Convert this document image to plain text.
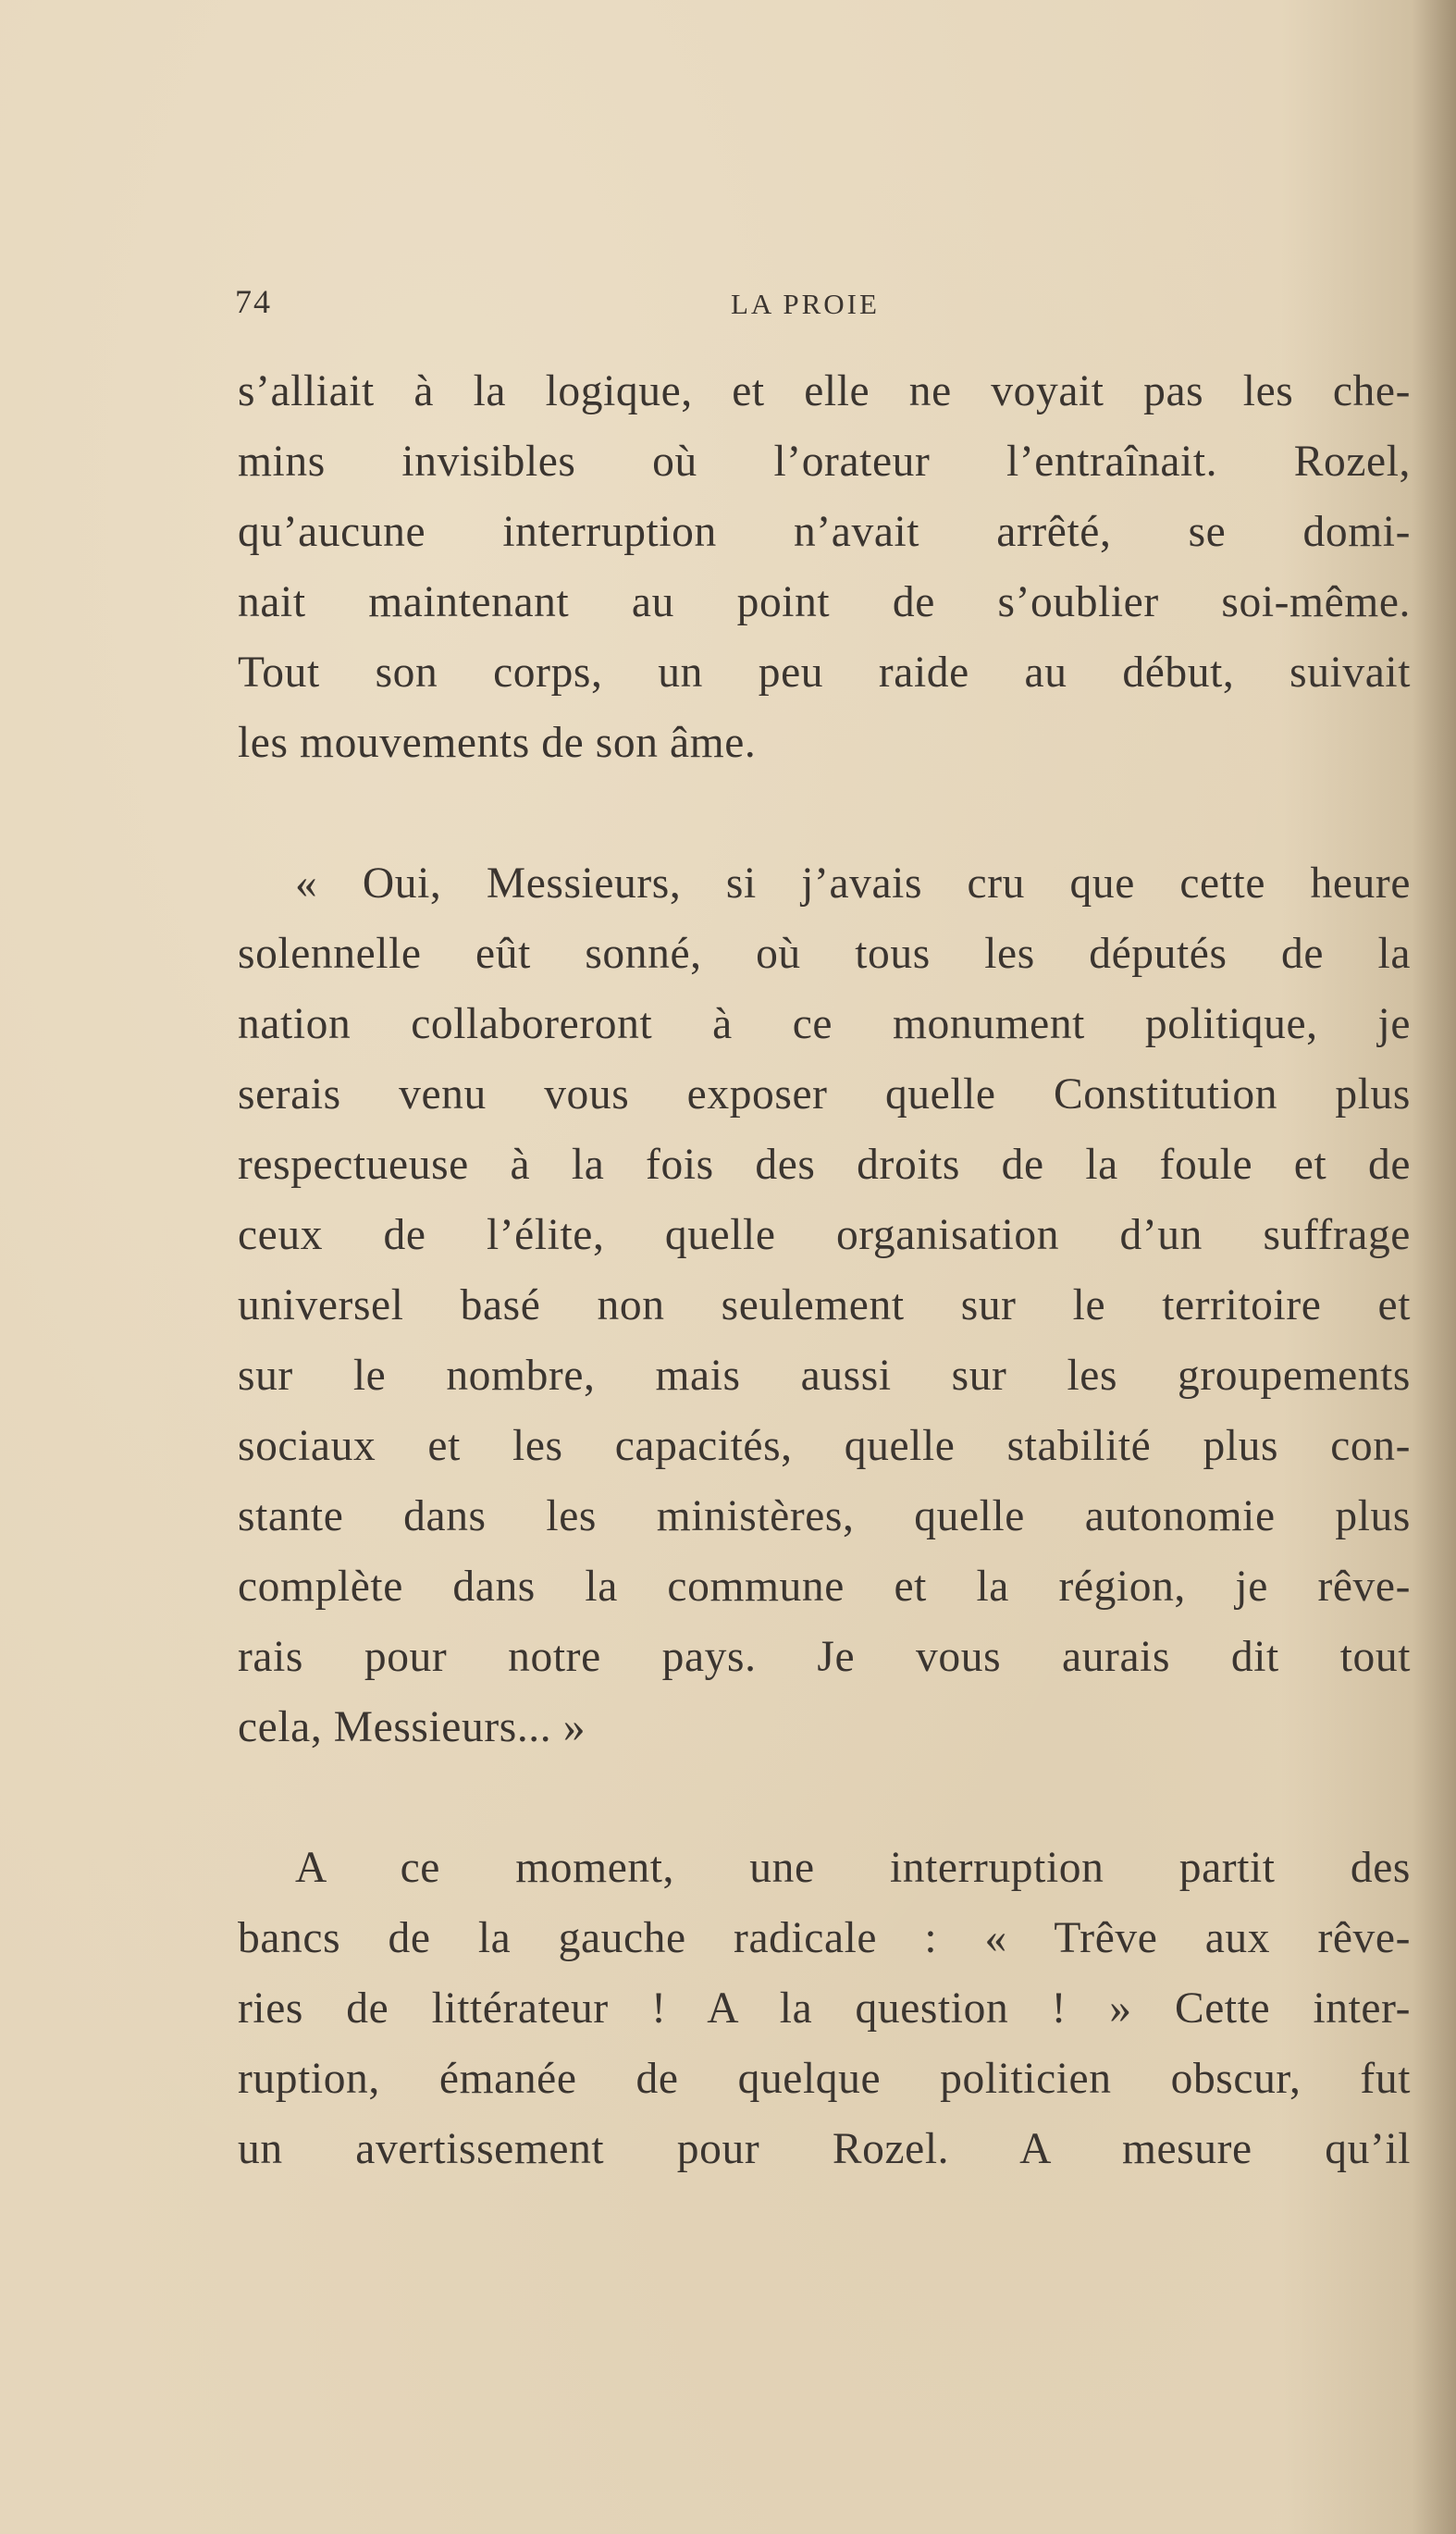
74	LA PROIE
s’alliait à la logique, et elle ne voyait pas les che-
mins invisibles où l’orateur l’entraînait. Rozel,
qu’aucune interruption n’avait arrêté, se domi-
nait maintenant au point de s’oublier soi-même.
Tout son corps, un peu raide au début, suivait
les mouvements de son âme.
« Oui, Messieurs, si j’avais cru que cette heure
solennelle eût sonné, où tous les députés de la
nation collaboreront à ce monument politique, je
serais venu vous exposer quelle Constitution plus
respectueuse à la fois des droits de la foule et de
ceux de l’élite, quelle organisation d’un suffrage
universel basé non seulement sur le territoire et
sur le nombre, mais aussi sur les groupements
sociaux et les capacités, quelle stabilité plus con-
stante dans les ministères, quelle autonomie plus
complète dans la commune et la région, je rêve-
rais pour notre pays. Je vous aurais dit tout
cela, Messieurs... »
A ce moment, une interruption partit des
bancs de la gauche radicale : « Trêve aux rêve-
ries de littérateur ! A la question ! » Cette inter-
ruption, émanée de quelque politicien obscur, fut
un avertissement pour Rozel. A mesure qu’il
